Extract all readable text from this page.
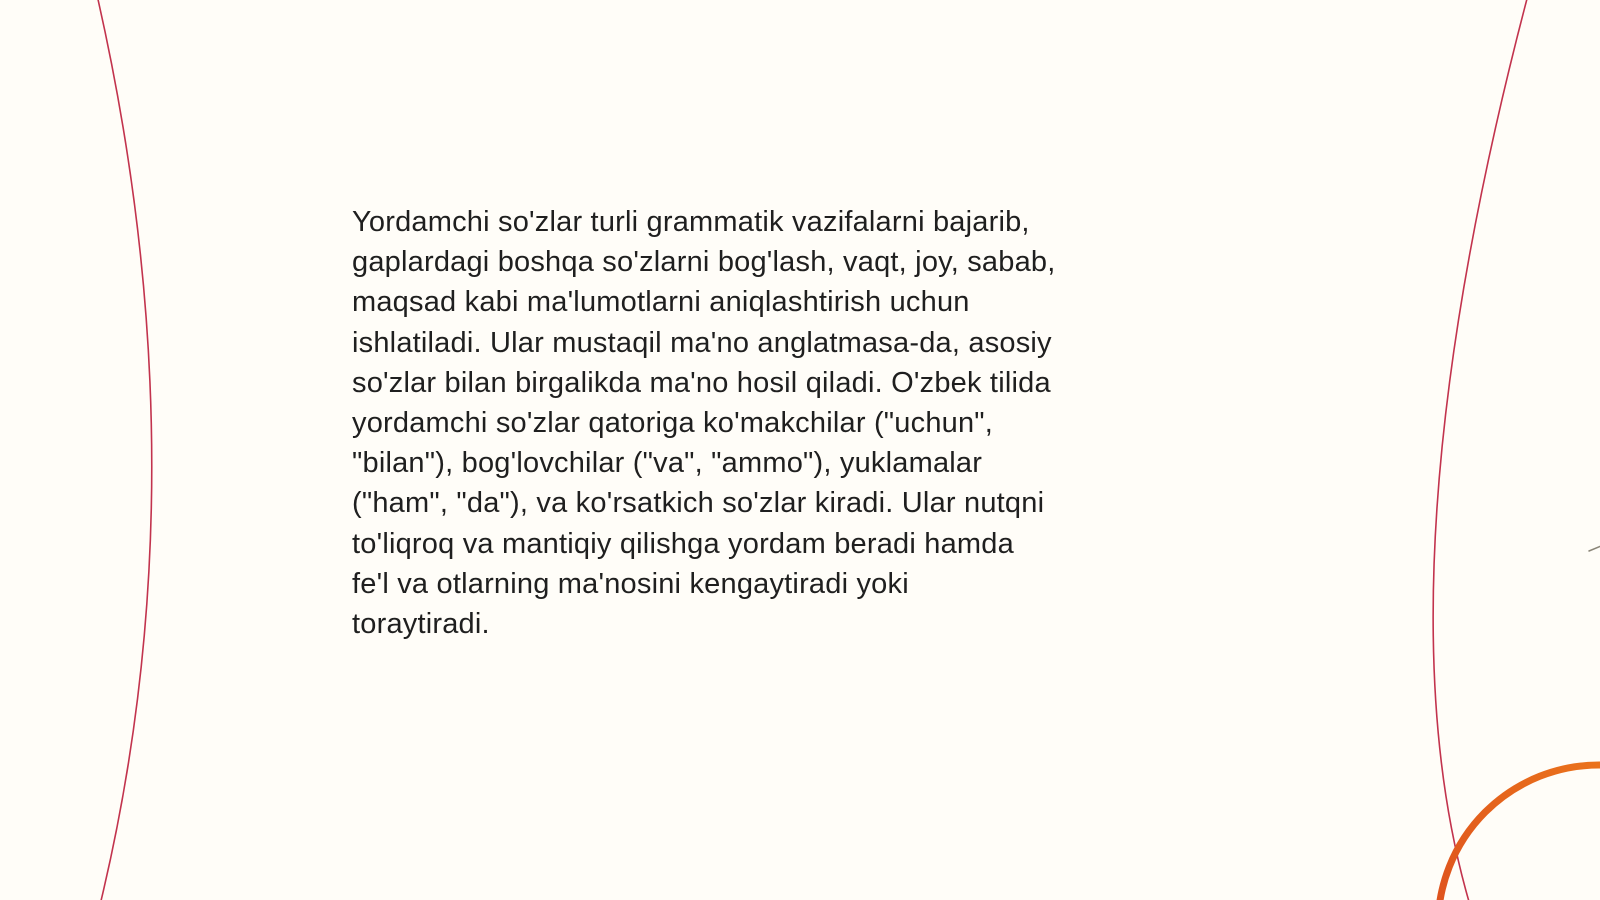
Yordamchi so'zlar turli grammatik vazifalarni bajarib,
gaplardagi boshqa so'zlarni bog'lash, vaqt, joy, sabab,
maqsad kabi ma'lumotlarni aniqlashtirish uchun
ishlatiladi. Ular mustaqil ma'no anglatmasa-da, asosiy
so'zlar bilan birgalikda ma'no hosil qiladi. O'zbek tilida
yordamchi so'zlar qatoriga ko'makchilar ("uchun",
"bilan"), bog'lovchilar ("va", "ammo"), yuklamalar
("ham", "da"), va ko'rsatkich so'zlar kiradi. Ular nutqni
to'liqroq va mantiqiy qilishga yordam beradi hamda
fe'l va otlarning ma'nosini kengaytiradi yoki
toraytiradi.
